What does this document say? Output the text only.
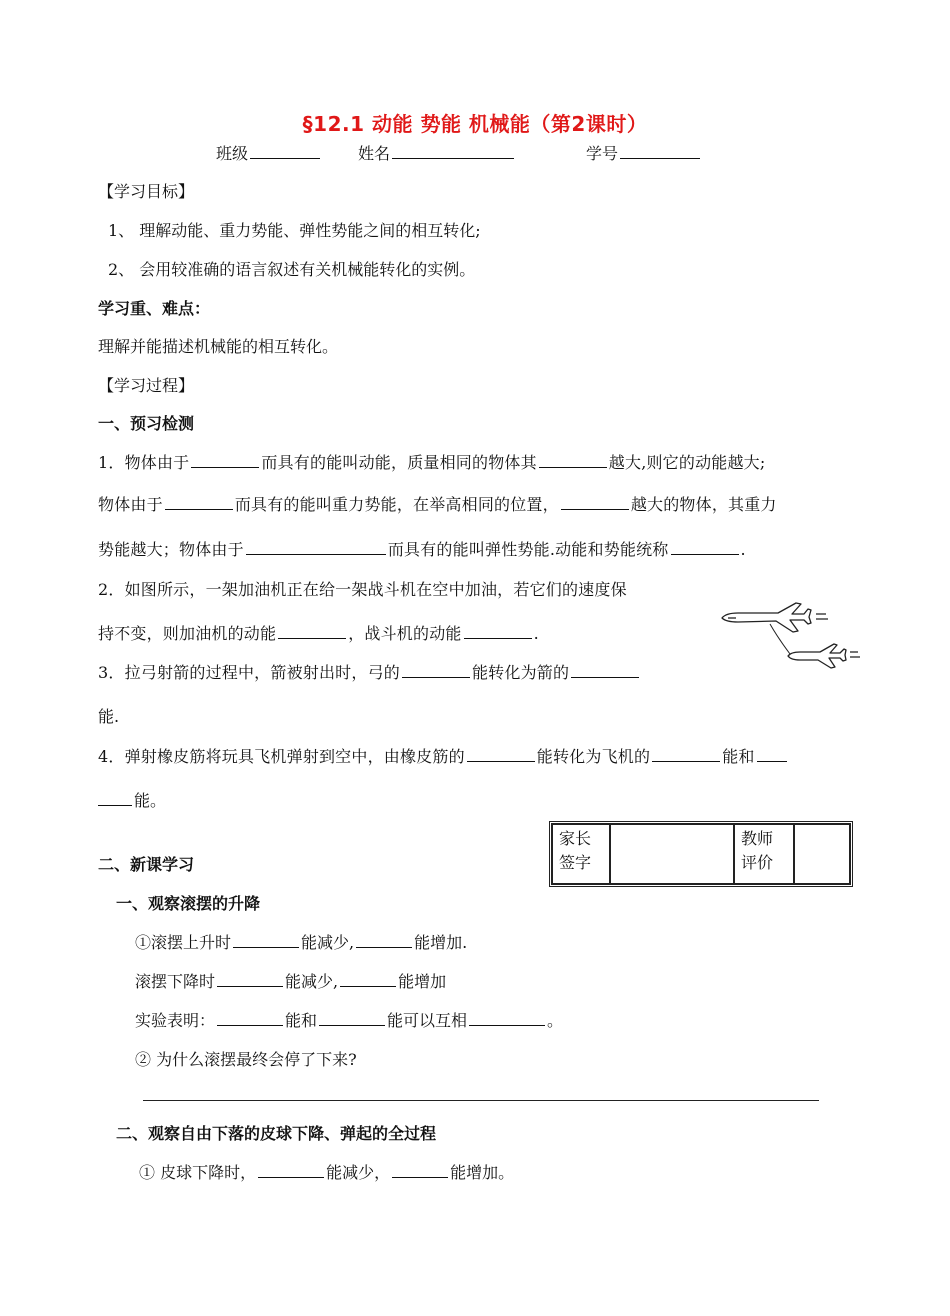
§12.1 动能 势能 机械能（第2课时）
班级	姓名	学号
【学习目标】
1、 理解动能、重力势能、弹性势能之间的相互转化;
2、 会用较准确的语言叙述有关机械能转化的实例。
学习重、难点：
理解并能描述机械能的相互转化。
【学习过程】
一、预习检测
1．物体由于	而具有的能叫动能，质量相同的物体其	越大,则它的动能越大;
物体由于	而具有的能叫重力势能，在举高相同的位置，	越大的物体，其重力
势能越大；物体由于	而具有的能叫弹性势能.动能和势能统称	.
2．如图所示，一架加油机正在给一架战斗机在空中加油，若它们的速度保
持不变，则加油机的动能	，战斗机的动能	.
3．拉弓射箭的过程中，箭被射出时，弓的	能转化为箭的
能.
4．弹射橡皮筋将玩具飞机弹射到空中，由橡皮筋的	能转化为飞机的	能和
能。
家长
签字

教师
评价

二、新课学习
一、观察滚摆的升降
①滚摆上升时	能减少,	能增加.
滚摆下降时	能减少,	能增加
实验表明：	能和	能可以互相	。
② 为什么滚摆最终会停了下来?
二、观察自由下落的皮球下降、弹起的全过程
① 皮球下降时，	能减少，	能增加。
